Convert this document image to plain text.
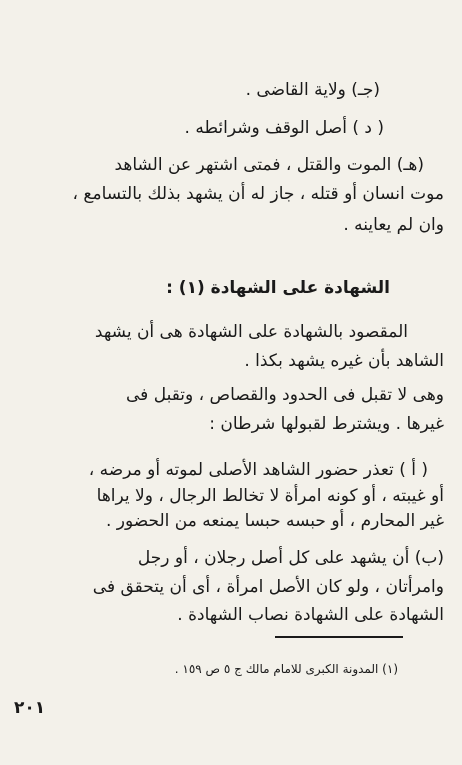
(جـ) ولاية القاضى .

( د ) أصل الوقف وشرائطه .

(هـ) الموت والقتل ، فمتى اشتهر عن الشاهد

موت انسان أو قتله ، جاز له أن يشهد بذلك بالتسامع ،

وان لم يعاينه .

الشهادة على الشهادة (١) :

المقصود بالشهادة على الشهادة هى أن يشهد

الشاهد بأن غيره يشهد بكذا .

وهى لا تقبل فى الحدود والقصاص ، وتقبل فى

غيرها . ويشترط لقبولها شرطان :

( أ ) تعذر حضور الشاهد الأصلى لموته أو مرضه ،

أو غيبته ، أو كونه امرأة لا تخالط الرجال ، ولا يراها

غير المحارم ، أو حبسه حبسا يمنعه من الحضور .

(ب) أن يشهد على كل أصل رجلان ، أو رجل

وامرأتان ، ولو كان الأصل امرأة ، أى أن يتحقق فى

الشهادة على الشهادة نصاب الشهادة .

(١) المدونة الكبرى للامام مالك ج ٥ ص ١٥٩ .

٢٠١
